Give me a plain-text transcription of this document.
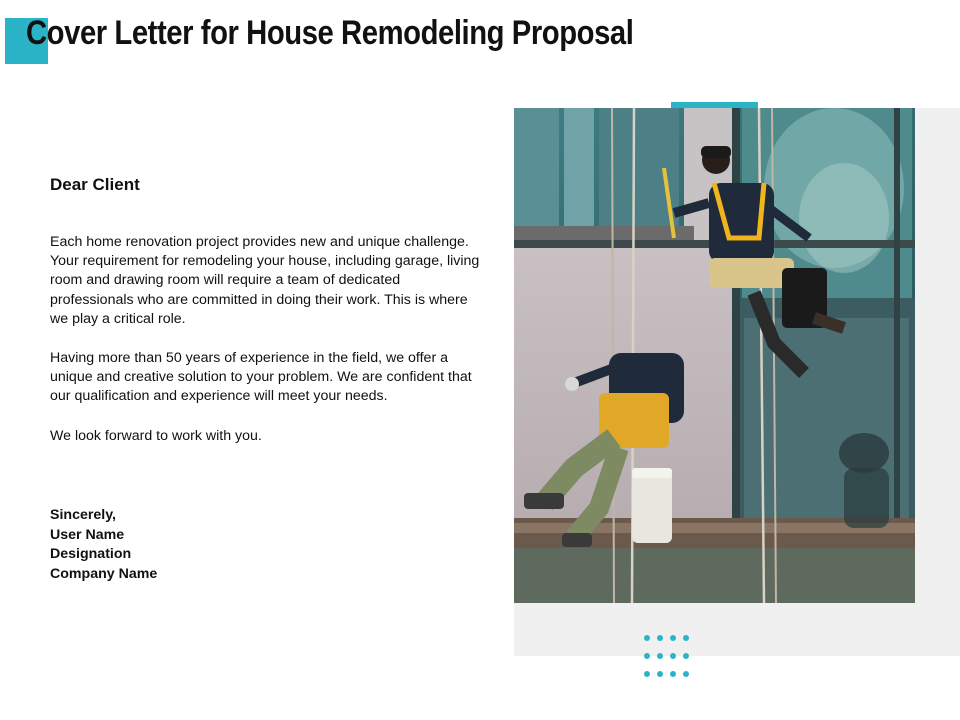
Cover Letter for House Remodeling Proposal

Dear Client

Each home renovation project provides new and unique challenge. Your requirement for remodeling your house, including garage, living room and drawing room will require a team of dedicated professionals who are committed in doing their work. This is where we play a critical role.

Having more than 50 years of experience in the field, we offer a unique and creative solution to your problem. We are confident that our qualification and experience will meet your needs.

We look forward to work with you.

Sincerely,
User Name
Designation
Company Name
